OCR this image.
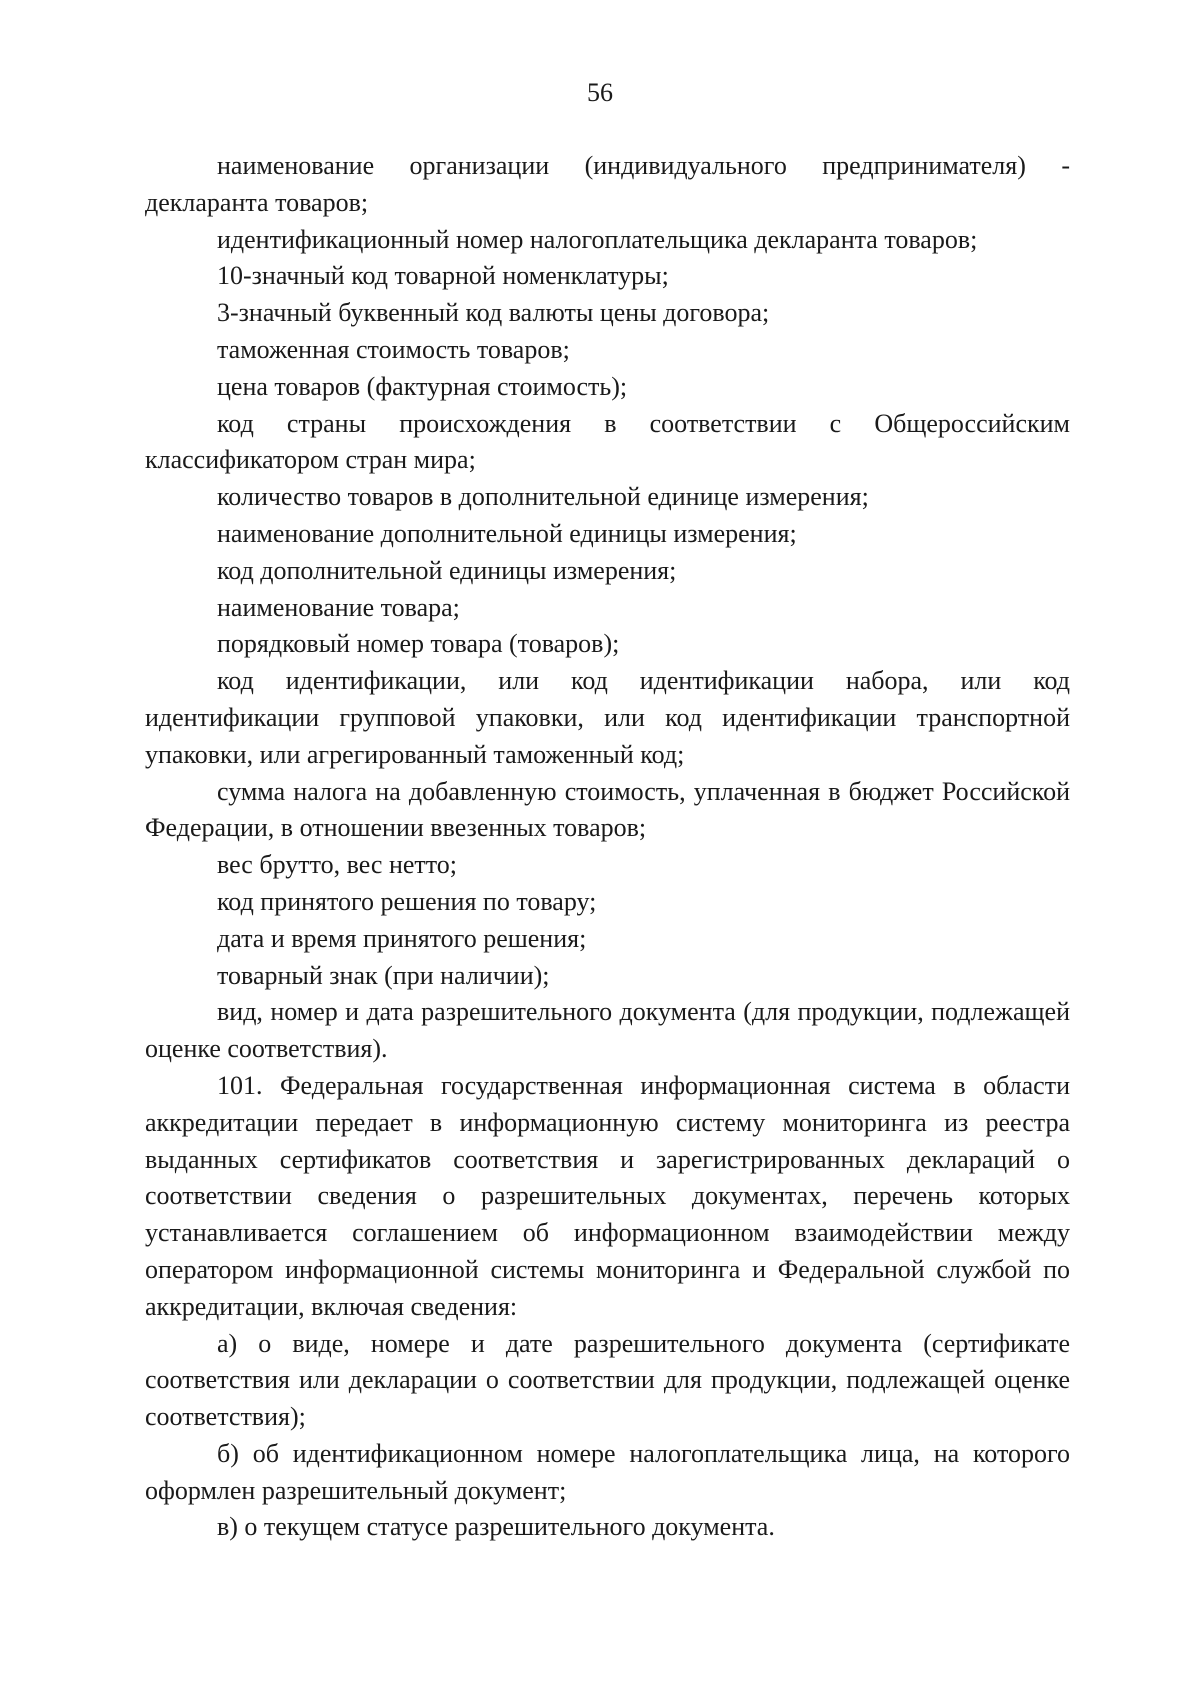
56

наименование организации (индивидуального предпринимателя) - декларанта товаров;

идентификационный номер налогоплательщика декларанта товаров;

10-значный код товарной номенклатуры;

3-значный буквенный код валюты цены договора;

таможенная стоимость товаров;

цена товаров (фактурная стоимость);

код страны происхождения в соответствии с Общероссийским классификатором стран мира;

количество товаров в дополнительной единице измерения;

наименование дополнительной единицы измерения;

код дополнительной единицы измерения;

наименование товара;

порядковый номер товара (товаров);

код идентификации, или код идентификации набора, или код идентификации групповой упаковки, или код идентификации транспортной упаковки, или агрегированный таможенный код;

сумма налога на добавленную стоимость, уплаченная в бюджет Российской Федерации, в отношении ввезенных товаров;

вес брутто, вес нетто;

код принятого решения по товару;

дата и время принятого решения;

товарный знак (при наличии);

вид, номер и дата разрешительного документа (для продукции, подлежащей оценке соответствия).

101. Федеральная государственная информационная система в области аккредитации передает в информационную систему мониторинга из реестра выданных сертификатов соответствия и зарегистрированных деклараций о соответствии сведения о разрешительных документах, перечень которых устанавливается соглашением об информационном взаимодействии между оператором информационной системы мониторинга и Федеральной службой по аккредитации, включая сведения:

а) о виде, номере и дате разрешительного документа (сертификате соответствия или декларации о соответствии для продукции, подлежащей оценке соответствия);

б) об идентификационном номере налогоплательщика лица, на которого оформлен разрешительный документ;

в) о текущем статусе разрешительного документа.
